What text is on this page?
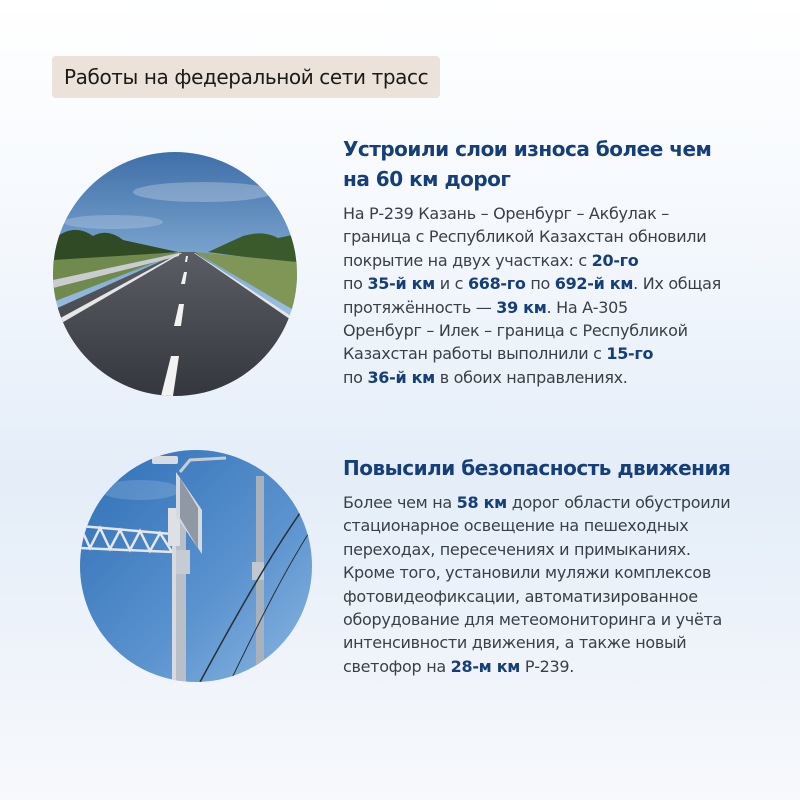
Работы на федеральной сети трасс
Устроили слои износа более чем
на 60 км дорог
На Р-239 Казань – Оренбург – Акбулак –
граница с Республикой Казахстан обновили
покрытие на двух участках: с 20-го
по 35-й км и с 668-го по 692-й км. Их общая
протяжённость — 39 км. На А-305
Оренбург – Илек – граница с Республикой
Казахстан работы выполнили с 15-го
по 36-й км в обоих направлениях.
Повысили безопасность движения
Более чем на 58 км дорог области обустроили
стационарное освещение на пешеходных
переходах, пересечениях и примыканиях.
Кроме того, установили муляжи комплексов
фотовидеофиксации, автоматизированное
оборудование для метеомониторинга и учёта
интенсивности движения, а также новый
светофор на 28-м км Р-239.
